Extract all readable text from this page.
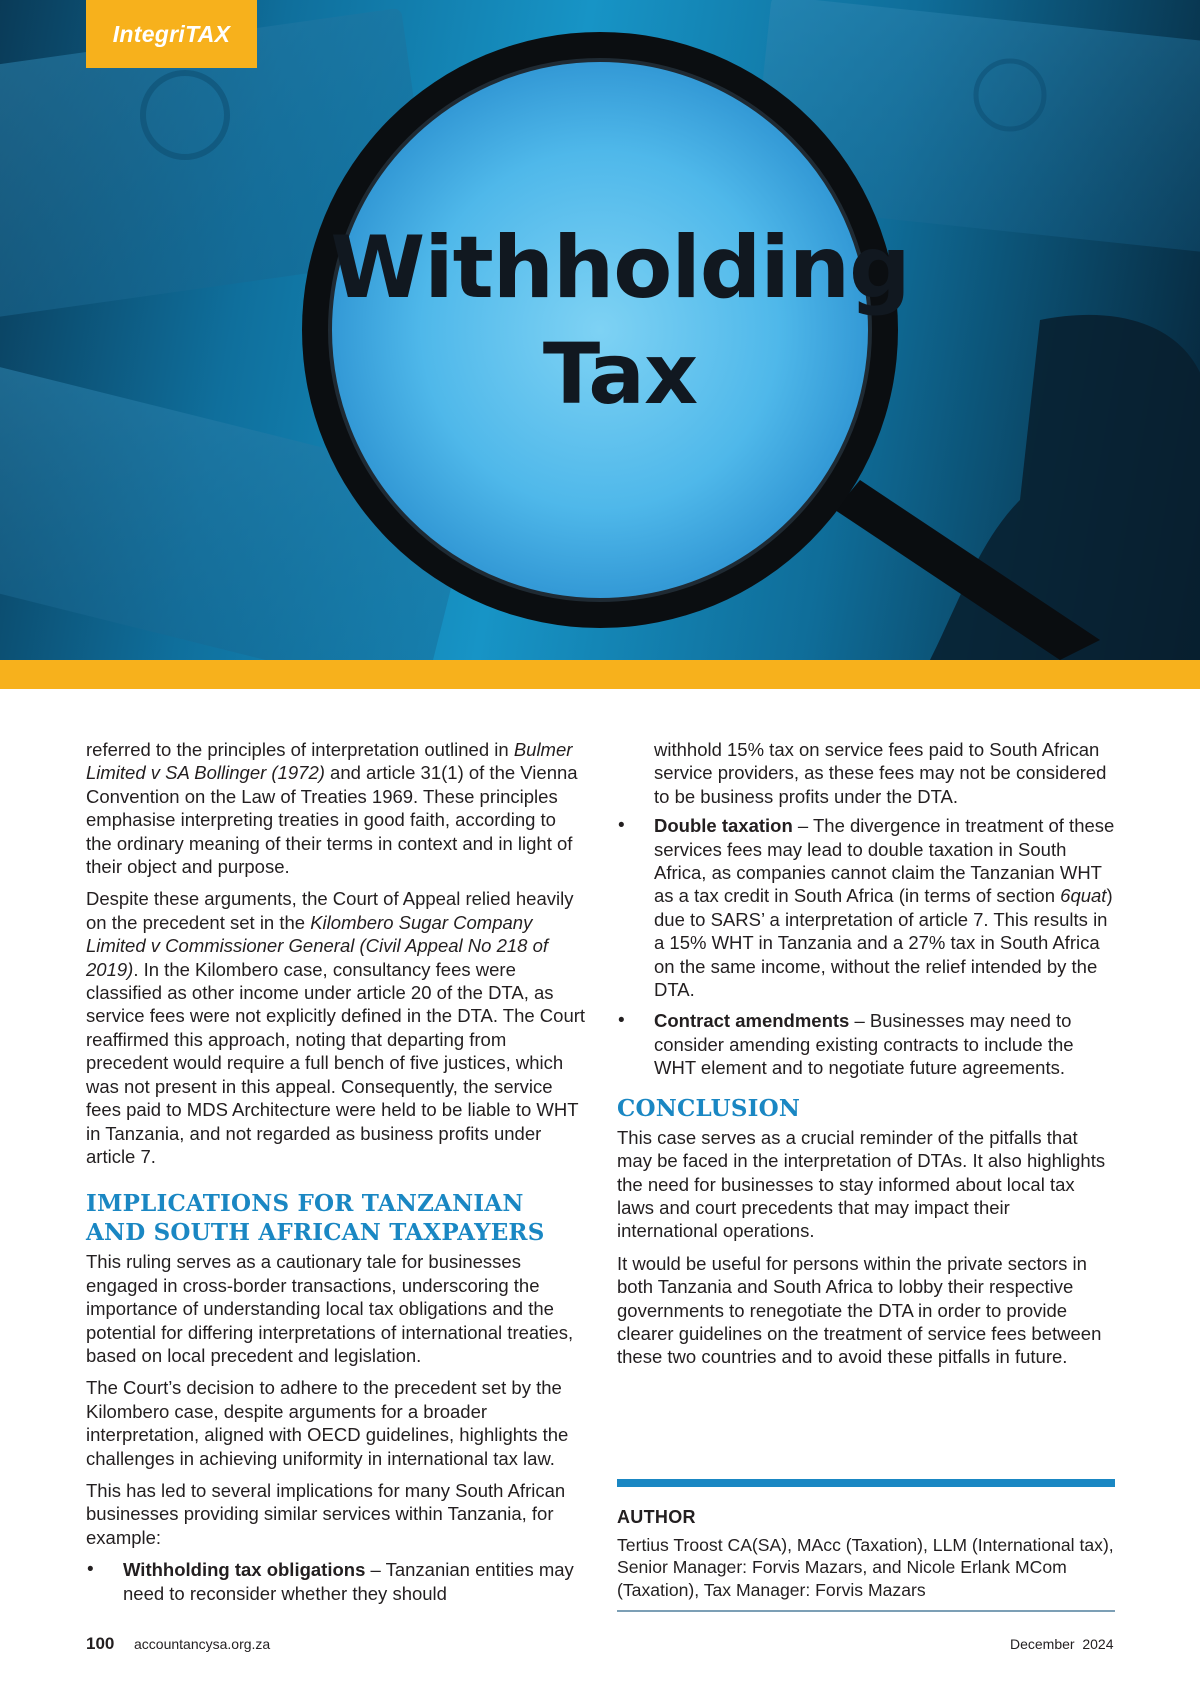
IntegriTAX
Withholding
Tax

referred to the principles of interpretation outlined in Bulmer Limited v SA Bollinger (1972) and article 31(1) of the Vienna Convention on the Law of Treaties 1969. These principles emphasise interpreting treaties in good faith, according to the ordinary meaning of their terms in context and in light of their object and purpose.

Despite these arguments, the Court of Appeal relied heavily on the precedent set in the Kilombero Sugar Company Limited v Commissioner General (Civil Appeal No 218 of 2019). In the Kilombero case, consultancy fees were classified as other income under article 20 of the DTA, as service fees were not explicitly defined in the DTA. The Court reaffirmed this approach, noting that departing from precedent would require a full bench of five justices, which was not present in this appeal. Consequently, the service fees paid to MDS Architecture were held to be liable to WHT in Tanzania, and not regarded as business profits under article 7.

IMPLICATIONS FOR TANZANIAN AND SOUTH AFRICAN TAXPAYERS

This ruling serves as a cautionary tale for businesses engaged in cross-border transactions, underscoring the importance of understanding local tax obligations and the potential for differing interpretations of international treaties, based on local precedent and legislation.

The Court’s decision to adhere to the precedent set by the Kilombero case, despite arguments for a broader interpretation, aligned with OECD guidelines, highlights the challenges in achieving uniformity in international tax law.

This has led to several implications for many South African businesses providing similar services within Tanzania, for example:

• Withholding tax obligations – Tanzanian entities may need to reconsider whether they should

withhold 15% tax on service fees paid to South African service providers, as these fees may not be considered to be business profits under the DTA.

• Double taxation – The divergence in treatment of these services fees may lead to double taxation in South Africa, as companies cannot claim the Tanzanian WHT as a tax credit in South Africa (in terms of section 6quat) due to SARS’ a interpretation of article 7. This results in a 15% WHT in Tanzania and a 27% tax in South Africa on the same income, without the relief intended by the DTA.
• Contract amendments – Businesses may need to consider amending existing contracts to include the WHT element and to negotiate future agreements.
CONCLUSION

This case serves as a crucial reminder of the pitfalls that may be faced in the interpretation of DTAs. It also highlights the need for businesses to stay informed about local tax laws and court precedents that may impact their international operations.

It would be useful for persons within the private sectors in both Tanzania and South Africa to lobby their respective governments to renegotiate the DTA in order to provide clearer guidelines on the treatment of service fees between these two countries and to avoid these pitfalls in future.

AUTHOR
Tertius Troost CA(SA), MAcc (Taxation), LLM (International tax), Senior Manager: Forvis Mazars, and Nicole Erlank MCom (Taxation), Tax Manager: Forvis Mazars
100 accountancysa.org.za	December  2024
